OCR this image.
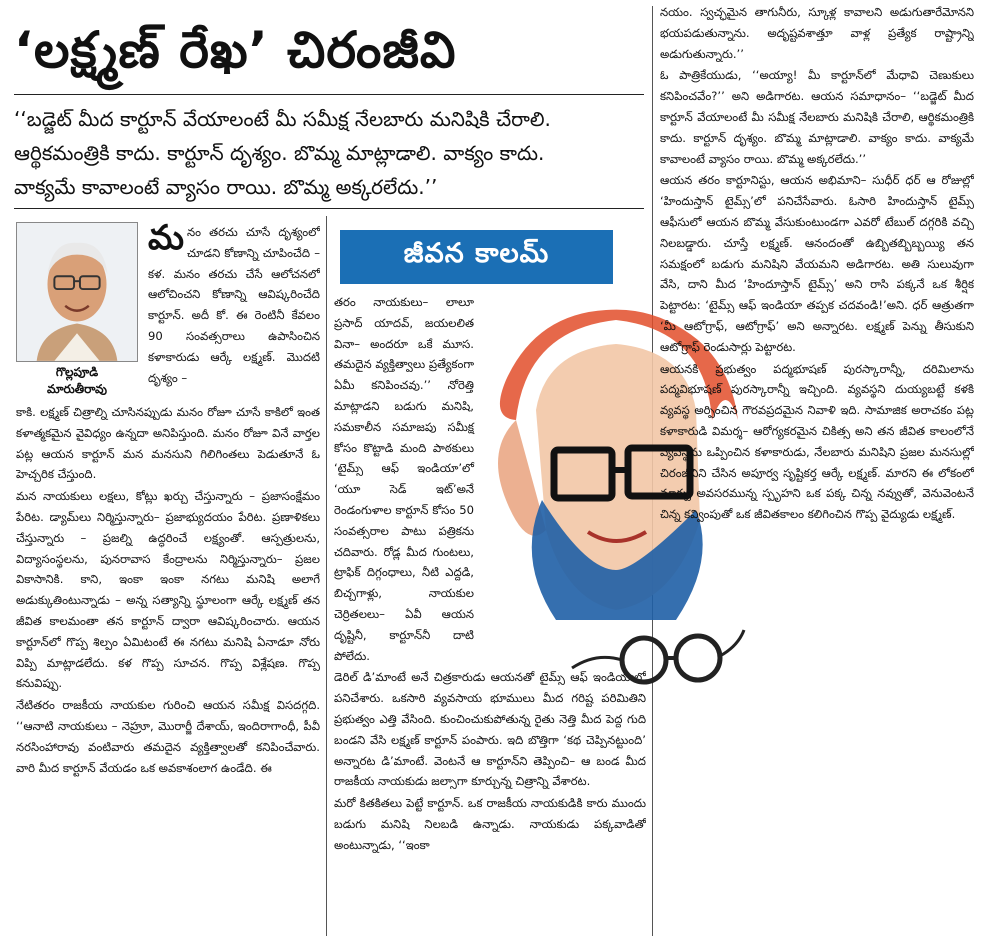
‘లక్ష్మణ్ రేఖ’ చిరంజీవి

‘‘బడ్జెట్ మీద కార్టూన్ వేయాలంటే మీ సమీక్ష నేలబారు మనిషికి చేరాలి.

ఆర్థికమంత్రికి కాదు. కార్టూన్ దృశ్యం. బొమ్మ మాట్లాడాలి. వాక్యం కాదు.

వాక్యమే కావాలంటే వ్యాసం రాయి. బొమ్మ అక్కరలేదు.’’

గొల్లపూడి
మారుతీరావు
మ నం తరచు చూసే దృశ్యంలో చూడని కోణాన్ని చూపించేది – కళ. మనం తరచు చేసే ఆలోచనలో ఆలోచించని కోణాన్ని ఆవిష్కరించేది కార్టూన్. అదీ కో. ఈ రెంటినీ కేవలం 90 సంవత్సరాలు ఉపాసించిన కళాకారుడు ఆర్కే లక్ష్మణ్. మొదటి దృశ్యం –

కాకి. లక్ష్మణ్ చిత్రాల్ని చూసినప్పుడు మనం రోజూ చూసే కాకిలో ఇంత కళాత్మకమైన వైవిధ్యం ఉన్నదా అనిపిస్తుంది. మనం రోజూ వినే వార్తల పట్ల ఆయన కార్టూన్ మన మనసుని గిలిగింతలు పెడుతూనే ఓ హెచ్చరిక చేస్తుంది.

మన నాయకులు లక్షలు, కోట్లు ఖర్చు చేస్తున్నారు – ప్రజాసంక్షేమం పేరిట. డ్యామ్‌లు నిర్మిస్తున్నారు– ప్రజాభ్యుదయం పేరిట. ప్రణాళికలు చేస్తున్నారు – ప్రజల్ని ఉద్ధరించే లక్ష్యంతో. ఆస్పత్రులను, విద్యాసంస్థలను, పునరావాస కేంద్రాలను నిర్మిస్తున్నారు– ప్రజల వికాసానికి. కాని, ఇంకా ఇంకా నగటు మనిషి అలాగే అడుక్కుతింటున్నాడు – అన్న సత్యాన్ని స్థూలంగా ఆర్కే లక్ష్మణ్ తన జీవిత కాలమంతా తన కార్టూన్ ద్వారా ఆవిష్కరించారు. ఆయన కార్టూన్‌లో గొప్ప శిల్పం ఏమిటంటే ఈ నగటు మనిషి ఏనాడూ నోరు విప్పి మాట్లాడలేదు. కళ గొప్ప సూచన. గొప్ప విశ్లేషణ. గొప్ప కనువిప్పు.

నేటితరం రాజకీయ నాయకుల గురించి ఆయన సమీక్ష విసదగ్గది. ‘‘ఆనాటి నాయకులు – నెహ్రూ, మొరార్జీ దేశాయ్, ఇందిరాగాంధీ, పీవీ నరసింహారావు వంటివారు తమదైన వ్యక్తిత్వాలతో కనిపించేవారు. వారి మీద కార్టూన్ వేయడం ఒక అవకాశంలాగ ఉండేది. ఈ

జీవన కాలమ్

తరం నాయకులు– లాలూ ప్రసాద్ యాదవ్, జయలలిత వినా– అందరూ ఒకే మూస. తమదైన వ్యక్తిత్వాలు ప్రత్యేకంగా ఏమీ కనిపించవు.’’ నోరెత్తి మాట్లాడని బడుగు మనిషి, సమకాలీన సమాజపు సమీక్ష కోసం కొట్టాడి మంది పాఠకులు ‘టైమ్స్ ఆఫ్ ఇండియా’లో ‘యూ సెడ్ ఇట్’అనే రెండంగుళాల కార్టూన్ కోసం 50 సంవత్సరాల పాటు పత్రికను చదివారు. రోడ్ల మీద గుంటలు, ట్రాఫిక్ దిగ్గంధాలు, నీటి ఎద్దడి, బిచ్చగాళ్లు, నాయకుల చెర్రితలలు– ఏవీ ఆయన దృష్టినీ, కార్టూన్‌నీ దాటి పోలేదు.

డెరిల్ డి’మాంటే అనే చిత్రకారుడు ఆయనతో టైమ్స్ ఆఫ్ ఇండియాలో పనిచేశారు. ఒకసారి వ్యవసాయ భూములు మీద గరిష్ట పరిమితిని ప్రభుత్వం ఎత్తి వేసింది. కుంచించుకుపోతున్న రైతు నెత్తి మీద పెద్ద గుది బండని వేసి లక్ష్మణ్ కార్టూన్ పంపారు. ఇది బొత్తిగా ‘కథ చెప్పినట్టుంది’ అన్నారట డి’మాంటే. వెంటనే ఆ కార్టూన్‌ని తెప్పించి– ఆ బండ మీద రాజకీయ నాయకుడు జల్సాగా కూర్చున్న చిత్రాన్ని వేశారట.

మరో కితకితలు పెట్టే కార్టూన్. ఒక రాజకీయ నాయకుడికి కారు ముందు బడుగు మనిషి నిలబడి ఉన్నాడు. నాయకుడు పక్కవాడితో అంటున్నాడు, ‘‘ఇంకా

నయం. స్వచ్ఛమైన తాగునీరు, స్కూళ్ల కావాలని అడుగుతారేమోనని భయపడుతున్నాను. అదృష్టవశాత్తూ వాళ్ల ప్రత్యేక రాష్ట్రాన్ని అడుగుతున్నారు.’’

ఓ పాత్రికేయుడు, ‘‘అయ్యా! మీ కార్టూన్‌లో మేధావి చెణుకులు కనిపించవేం?’’ అని అడిగారట. ఆయన సమాధానం– ‘‘బడ్జెట్ మీద కార్టూన్ వేయాలంటే మీ సమీక్ష నేలబారు మనిషికి చేరాలి, ఆర్థికమంత్రికి కాదు. కార్టూన్ దృశ్యం. బొమ్మ మాట్లాడాలి. వాక్యం కాదు. వాక్యమే కావాలంటే వ్యాసం రాయి. బొమ్మ అక్కరలేదు.’’

ఆయన తరం కార్టూనిస్టు, ఆయన అభిమాని– సుధీర్ ధర్ ఆ రోజుల్లో ‘హిందుస్తాన్ టైమ్స్’లో పనిచేసేవారు. ఓసారి హిందుస్తాన్ టైమ్స్ ఆఫీసులో ఆయన బొమ్మ వేసుకుంటుండగా ఎవరో టేబుల్ దగ్గరికి వచ్చి నిలబడ్డారు. చూస్తే లక్ష్మణ్. ఆనందంతో ఉబ్బితబ్బిబ్బయ్యి తన సమక్షంలో బడుగు మనిషిని వేయమని అడిగారట. అతి సులువుగా వేసి, దాని మీద ‘హిందూస్తాన్ టైమ్స్’ అని రాసి పక్కనే ఒక శీర్షిక పెట్టారట: ‘టైమ్స్ ఆఫ్ ఇండియా తప్పక చదవండి!’అని. ధర్ ఆత్రుతగా ‘మీ ఆటోగ్రాఫ్, ఆటోగ్రాఫ్’ అని అన్నారట. లక్ష్మణ్ పెన్ను తీసుకుని ఆటోగ్రాఫ్ రెండుసార్లు పెట్టారట.

ఆయనకి ప్రభుత్వం పద్మభూషణ్ పురస్కారాన్నీ, దరిమిలాను పద్మవిభూషణ్ పురస్కారాన్నీ ఇచ్చింది. వ్యవస్థని దుయ్యబట్టే కళకి వ్యవస్థ అర్పించిన గౌరవప్రదమైన నివాళి ఇది. సామాజిక అరాచకం పట్ల కళాకారుడి విమర్శ– ఆరోగ్యకరమైన చికిత్స అని తన జీవిత కాలంలోనే వ్యవస్థను ఒప్పించిన కళాకారుడు, నేలబారు మనిషిని ప్రజల మనసుల్లో చిరంజీవిని చేసిన అపూర్వ సృష్టికర్త ఆర్కే లక్ష్మణ్. మారని ఈ లోకంలో మార్పు అవసరమున్న స్పృహని ఒక పక్క చిన్న నవ్వుతో, వెనువెంటనే చిన్న కవ్వింపుతో ఒక జీవితకాలం కలిగించిన గొప్ప వైద్యుడు లక్ష్మణ్.
